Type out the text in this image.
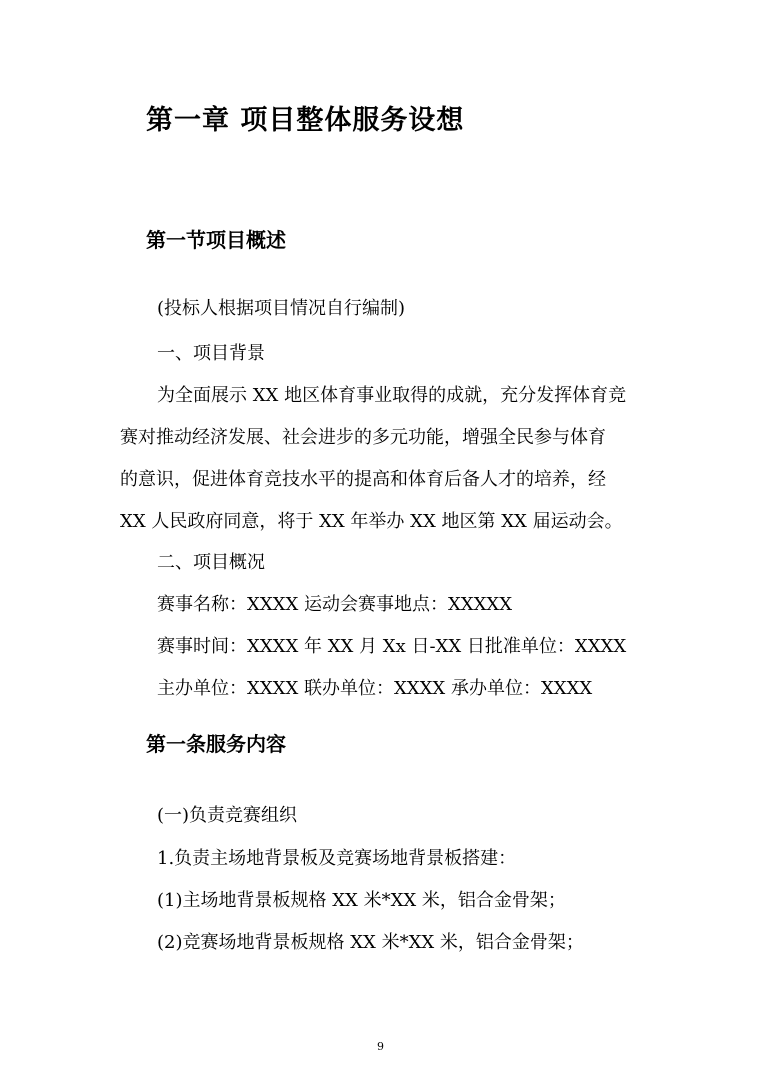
第一章 项目整体服务设想
第一节项目概述
(投标人根据项目情况自行编制)
一、项目背景
为全面展示 XX 地区体育事业取得的成就，充分发挥体育竞
赛对推动经济发展、社会进步的多元功能，增强全民参与体育
的意识，促进体育竞技水平的提高和体育后备人才的培养，经
XX 人民政府同意，将于 XX 年举办 XX 地区第 XX 届运动会。
二、项目概况
赛事名称：XXXX 运动会赛事地点：XXXXX
赛事时间：XXXX 年 XX 月 Xx 日-XX 日批准单位：XXXX
主办单位：XXXX 联办单位：XXXX 承办单位：XXXX
第一条服务内容
(一)负责竞赛组织
1.负责主场地背景板及竞赛场地背景板搭建：
(1)主场地背景板规格 XX 米*XX 米，铝合金骨架；
(2)竞赛场地背景板规格 XX 米*XX 米，铝合金骨架；
9
